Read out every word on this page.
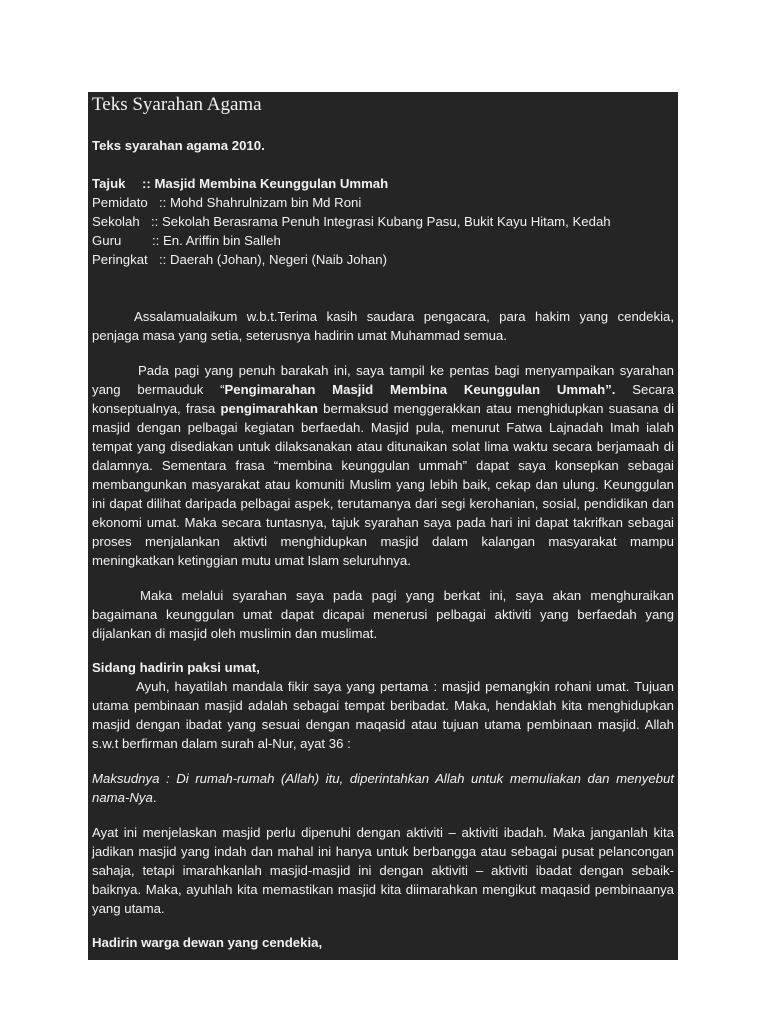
Teks Syarahan Agama
Teks syarahan agama 2010.
Tajuk :: Masjid Membina Keunggulan Ummah
Pemidato :: Mohd Shahrulnizam bin Md Roni
Sekolah :: Sekolah Berasrama Penuh Integrasi Kubang Pasu, Bukit Kayu Hitam, Kedah
Guru :: En. Ariffin bin Salleh
Peringkat :: Daerah (Johan), Negeri (Naib Johan)

Assalamualaikum w.b.t.Terima kasih saudara pengacara, para hakim yang cendekia, penjaga masa yang setia, seterusnya hadirin umat Muhammad semua.

Pada pagi yang penuh barakah ini, saya tampil ke pentas bagi menyampaikan syarahan yang bermauduk “Pengimarahan Masjid Membina Keunggulan Ummah”. Secara konseptualnya, frasa pengimarahkan bermaksud menggerakkan atau menghidupkan suasana di masjid dengan pelbagai kegiatan berfaedah. Masjid pula, menurut Fatwa Lajnadah Imah ialah tempat yang disediakan untuk dilaksanakan atau ditunaikan solat lima waktu secara berjamaah di dalamnya. Sementara frasa “membina keunggulan ummah” dapat saya konsepkan sebagai membangunkan masyarakat atau komuniti Muslim yang lebih baik, cekap dan ulung. Keunggulan ini dapat dilihat daripada pelbagai aspek, terutamanya dari segi kerohanian, sosial, pendidikan dan ekonomi umat. Maka secara tuntasnya, tajuk syarahan saya pada hari ini dapat takrifkan sebagai proses menjalankan aktivti menghidupkan masjid dalam kalangan masyarakat mampu meningkatkan ketinggian mutu umat Islam seluruhnya.

Maka melalui syarahan saya pada pagi yang berkat ini, saya akan menghuraikan bagaimana keunggulan umat dapat dicapai menerusi pelbagai aktiviti yang berfaedah yang dijalankan di masjid oleh muslimin dan muslimat.

Sidang hadirin paksi umat,

Ayuh, hayatilah mandala fikir saya yang pertama : masjid pemangkin rohani umat. Tujuan utama pembinaan masjid adalah sebagai tempat beribadat. Maka, hendaklah kita menghidupkan masjid dengan ibadat yang sesuai dengan maqasid atau tujuan utama pembinaan masjid. Allah s.w.t berfirman dalam surah al-Nur, ayat 36 :

Maksudnya : Di rumah-rumah (Allah) itu, diperintahkan Allah untuk memuliakan dan menyebut nama-Nya.

Ayat ini menjelaskan masjid perlu dipenuhi dengan aktiviti – aktiviti ibadah. Maka janganlah kita jadikan masjid yang indah dan mahal ini hanya untuk berbangga atau sebagai pusat pelancongan sahaja, tetapi imarahkanlah masjid-masjid ini dengan aktiviti – aktiviti ibadat dengan sebaik-baiknya. Maka, ayuhlah kita memastikan masjid kita diimarahkan mengikut maqasid pembinaanya yang utama.

Hadirin warga dewan yang cendekia,
